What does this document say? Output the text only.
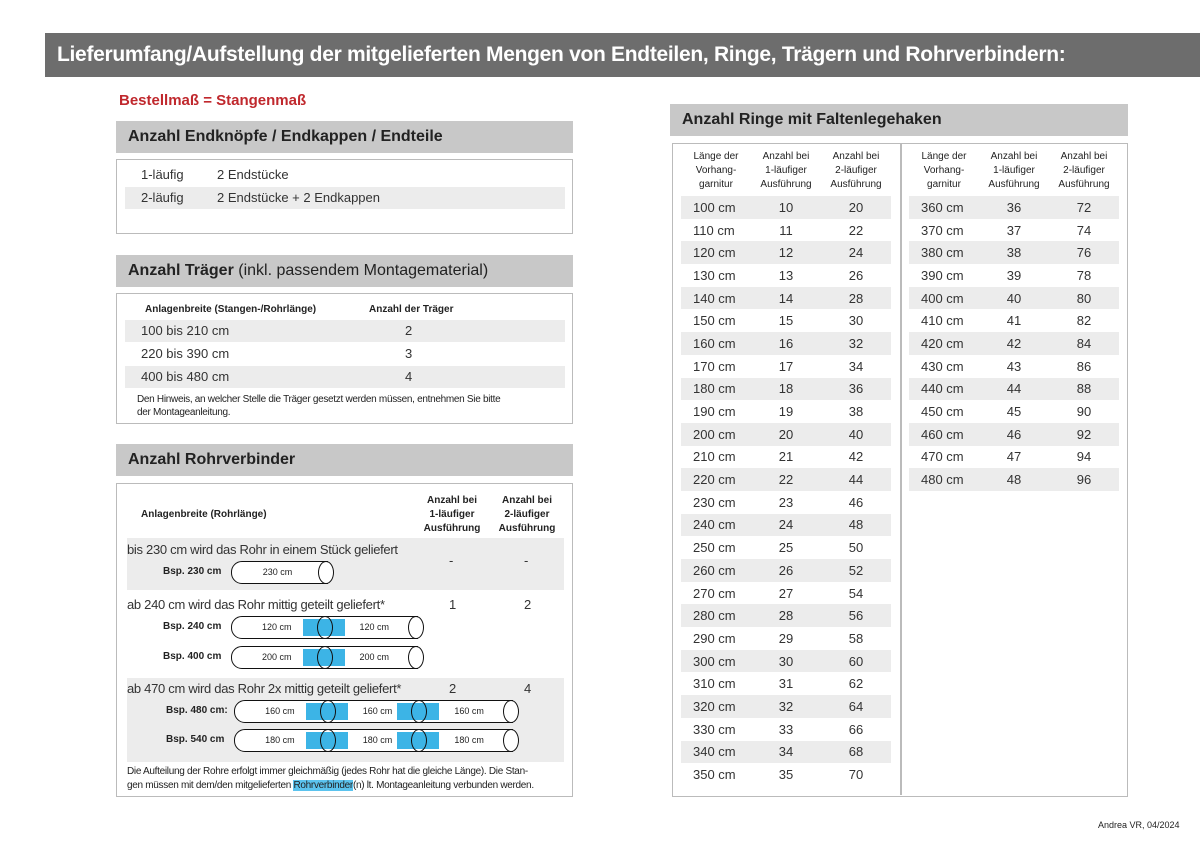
Lieferumfang/Aufstellung der mitgelieferten Mengen von Endteilen, Ringe, Trägern und Rohrverbindern:
Bestellmaß = Stangenmaß
Anzahl Endknöpfe / Endkappen / Endteile
1-läufig	2 Endstücke
2-läufig	2 Endstücke + 2 Endkappen
Anzahl Träger (inkl. passendem Montagematerial)
Anlagenbreite (Stangen-/Rohrlänge)	Anzahl der Träger
100 bis 210 cm	2
220 bis 390 cm	3
400 bis 480 cm	4
Den Hinweis, an welcher Stelle die Träger gesetzt werden müssen, entnehmen Sie bitte
der Montageanleitung.
Anzahl Rohrverbinder
Anlagenbreite (Rohrlänge)
Anzahl bei
1-läufiger
Ausführung
Anzahl bei
2-läufiger
Ausführung
bis 230 cm wird das Rohr in einem Stück geliefert
-	-
ab 240 cm wird das Rohr mittig geteilt geliefert*	1	2
ab 470 cm wird das Rohr 2x mittig geteilt geliefert*	2	4
Bsp. 230 cm	230 cm
Bsp. 240 cm	120 cm	120 cm
Bsp. 400 cm	200 cm	200 cm
Bsp. 480 cm:	160 cm	160 cm	160 cm
Bsp. 540 cm	180 cm	180 cm	180 cm
Die Aufteilung der Rohre erfolgt immer gleichmäßig (jedes Rohr hat die gleiche Länge). Die Stan-
gen müssen mit dem/den mitgelieferten Rohrverbinder(n) lt. Montageanleitung verbunden werden.
Anzahl Ringe mit Faltenlegehaken
Länge der
Vorhang-
garnitur
Anzahl bei
1-läufiger
Ausführung
Anzahl bei
2-läufiger
Ausführung
Länge der
Vorhang-
garnitur
Anzahl bei
1-läufiger
Ausführung
Anzahl bei
2-läufiger
Ausführung
100 cm	10	20
110 cm	11	22
120 cm	12	24
130 cm	13	26
140 cm	14	28
150 cm	15	30
160 cm	16	32
170 cm	17	34
180 cm	18	36
190 cm	19	38
200 cm	20	40
210 cm	21	42
220 cm	22	44
230 cm	23	46
240 cm	24	48
250 cm	25	50
260 cm	26	52
270 cm	27	54
280 cm	28	56
290 cm	29	58
300 cm	30	60
310 cm	31	62
320 cm	32	64
330 cm	33	66
340 cm	34	68
350 cm	35	70
360 cm	36	72
370 cm	37	74
380 cm	38	76
390 cm	39	78
400 cm	40	80
410 cm	41	82
420 cm	42	84
430 cm	43	86
440 cm	44	88
450 cm	45	90
460 cm	46	92
470 cm	47	94
480 cm	48	96
Andrea VR, 04/2024
